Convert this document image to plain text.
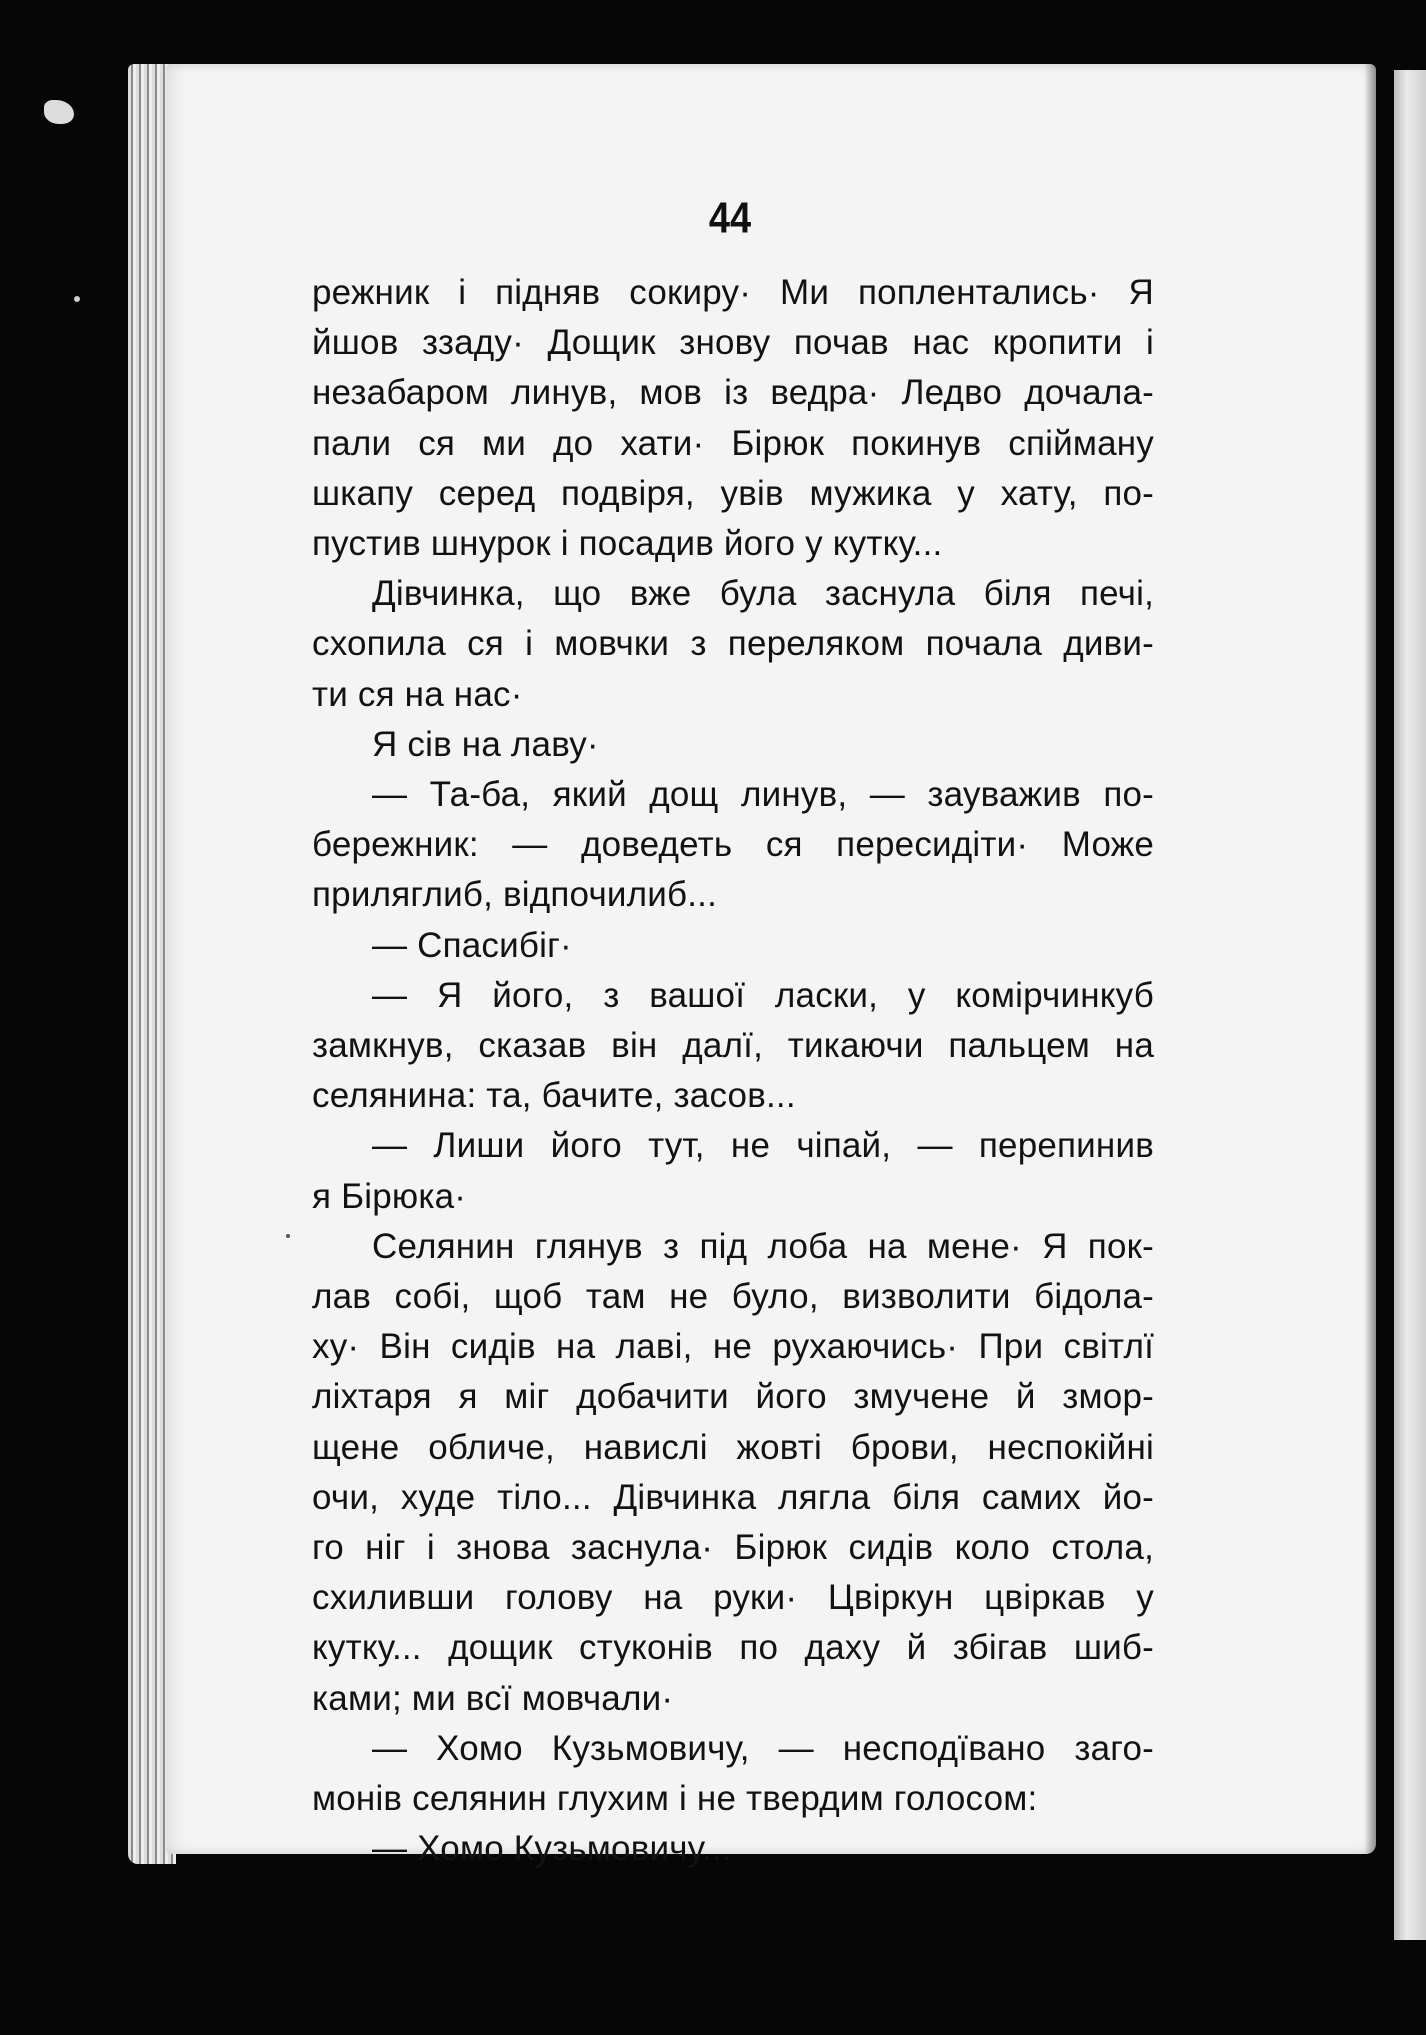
44
режник і підняв сокиру· Ми поплентались· Я
йшов ззаду· Дощик знову почав нас кропити і
незабаром линув, мов із ведра· Ледво дочала-
пали ся ми до хати· Бірюк покинув спійману
шкапу серед подвіря, увів мужика у хату, по-
пустив шнурок і посадив його у кутку...
Дівчинка, що вже була заснула біля печі,
схопила ся і мовчки з переляком почала диви-
ти ся на нас·
Я сів на лаву·
— Та-ба, який дощ линув, — зауважив по-
бережник: — доведеть ся пересидіти· Може
приляглиб, відпочилиб...
— Спасибіг·
— Я його, з вашої ласки, у комірчинкуб
замкнув, сказав він далї, тикаючи пальцем на
селянина: та, бачите, засов...
— Лиши його тут, не чіпай, — перепинив
я Бірюка·
Селянин глянув з під лоба на мене· Я пок-
лав собі, щоб там не було, визволити бідола-
ху· Він сидів на лаві, не рухаючись· При світлї
ліхтаря я міг добачити його змучене й змор-
щене обличе, навислі жовті брови, неспокійні
очи, худе тіло... Дівчинка лягла біля самих йо-
го ніг і знова заснула· Бірюк сидів коло стола,
схиливши голову на руки· Цвіркун цвіркав у
кутку... дощик стуконів по даху й збігав шиб-
ками; ми всї мовчали·
— Хомо Кузьмовичу, — несподївано заго-
монів селянин глухим і не твердим голосом:
— Хомо Кузьмовичу...
